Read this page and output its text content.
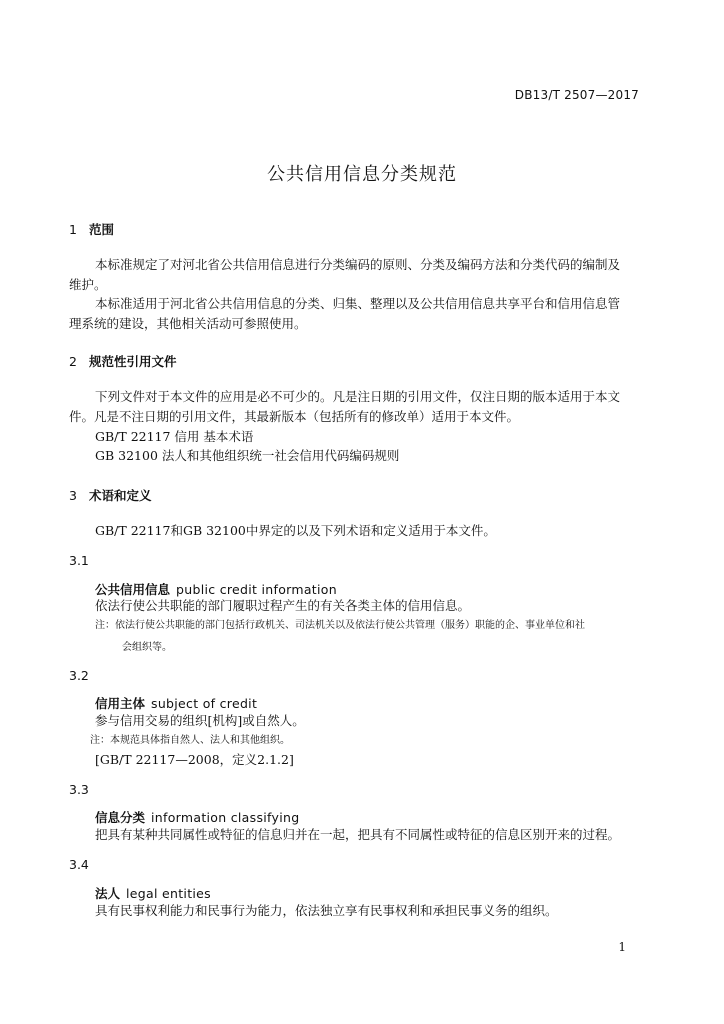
DB13/T 2507—2017
公共信用信息分类规范
1 范围
本标准规定了对河北省公共信用信息进行分类编码的原则、分类及编码方法和分类代码的编制及
维护。
本标准适用于河北省公共信用信息的分类、归集、整理以及公共信用信息共享平台和信用信息管
理系统的建设，其他相关活动可参照使用。
2 规范性引用文件
下列文件对于本文件的应用是必不可少的。凡是注日期的引用文件，仅注日期的版本适用于本文
件。凡是不注日期的引用文件，其最新版本（包括所有的修改单）适用于本文件。
GB/T 22117 信用 基本术语
GB 32100 法人和其他组织统一社会信用代码编码规则
3 术语和定义
GB/T 22117和GB 32100中界定的以及下列术语和定义适用于本文件。
3.1
公共信用信息 public credit information
依法行使公共职能的部门履职过程产生的有关各类主体的信用信息。
注：依法行使公共职能的部门包括行政机关、司法机关以及依法行使公共管理（服务）职能的企、事业单位和社
会组织等。
3.2
信用主体 subject of credit
参与信用交易的组织[机构]或自然人。
注：本规范具体指自然人、法人和其他组织。
[GB/T 22117—2008，定义2.1.2]
3.3
信息分类 information classifying
把具有某种共同属性或特征的信息归并在一起，把具有不同属性或特征的信息区别开来的过程。
3.4
法人 legal entities
具有民事权利能力和民事行为能力，依法独立享有民事权利和承担民事义务的组织。
1
